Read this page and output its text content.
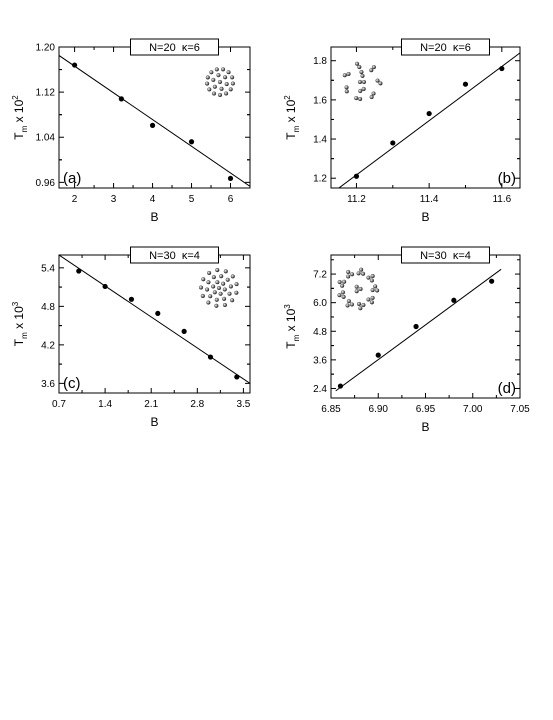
2	3	4	5	6
0.96
1.04
1.12
1.20	N=20  κ=6
(a)
B
$T_m$ x $10^2$
11.2	11.4	11.6
1.2
1.4
1.6
1.8
N=20  κ=6
(b)
B
$T_m$ x $10^2$
0.7	1.4	2.1	2.8	3.5
3.6
4.2
4.8
5.4
N=30  κ=4
(c)
B
$T_m$ x $10^3$
6.85	6.90	6.95	7.00	7.05
2.4
3.6
4.8
6.0
7.2
N=30  κ=4
(d)
B
$T_m$ x $10^3$
